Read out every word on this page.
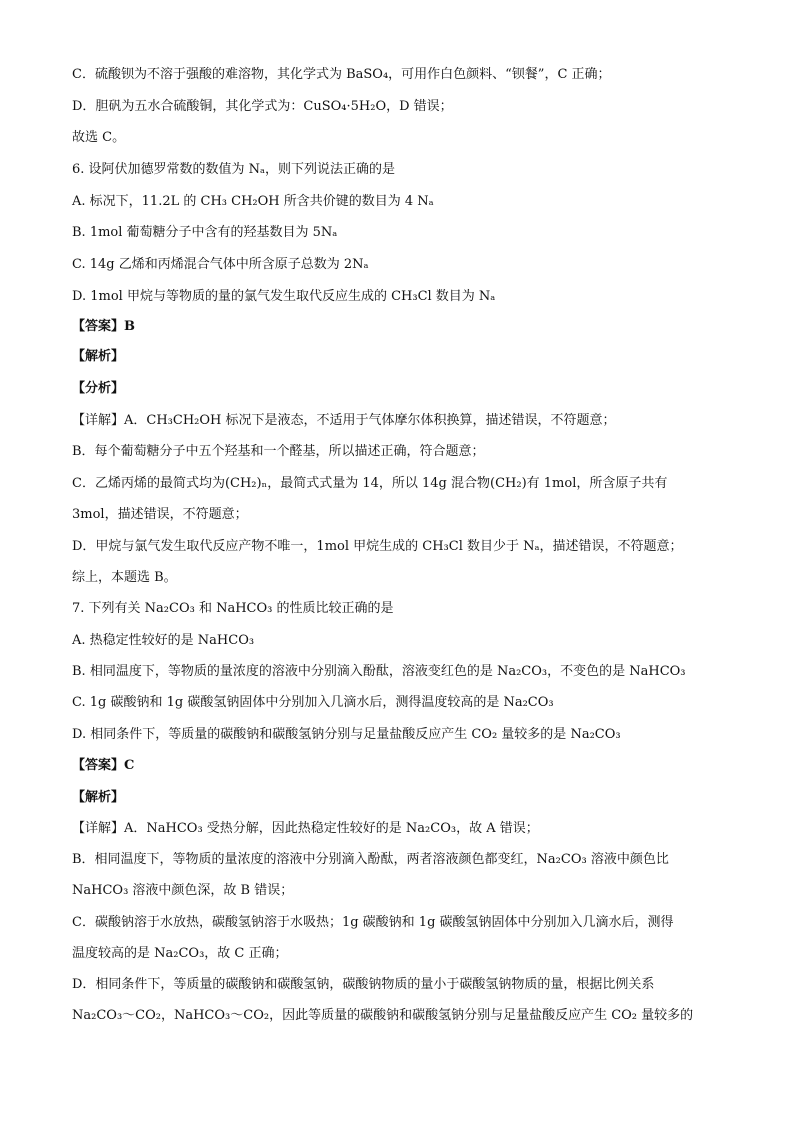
C．硫酸钡为不溶于强酸的难溶物，其化学式为 BaSO₄，可用作白色颜料、“钡餐”，C 正确；
D．胆矾为五水合硫酸铜，其化学式为：CuSO₄·5H₂O，D 错误；
故选 C。
6. 设阿伏加德罗常数的数值为 Nₐ，则下列说法正确的是
A. 标况下，11.2L 的 CH₃ CH₂OH 所含共价键的数目为 4 Nₐ
B. 1mol 葡萄糖分子中含有的羟基数目为 5Nₐ
C. 14g 乙烯和丙烯混合气体中所含原子总数为 2Nₐ
D. 1mol 甲烷与等物质的量的氯气发生取代反应生成的 CH₃Cl 数目为 Nₐ
【答案】B
【解析】
【分析】
【详解】A．CH₃CH₂OH 标况下是液态，不适用于气体摩尔体积换算，描述错误，不符题意；
B．每个葡萄糖分子中五个羟基和一个醛基，所以描述正确，符合题意；
C．乙烯丙烯的最简式均为(CH₂)ₙ，最简式式量为 14，所以 14g 混合物(CH₂)有 1mol，所含原子共有
3mol，描述错误，不符题意；
D．甲烷与氯气发生取代反应产物不唯一，1mol 甲烷生成的 CH₃Cl 数目少于 Nₐ，描述错误，不符题意；
综上，本题选 B。
7. 下列有关 Na₂CO₃ 和 NaHCO₃ 的性质比较正确的是
A. 热稳定性较好的是 NaHCO₃
B. 相同温度下，等物质的量浓度的溶液中分别滴入酚酞，溶液变红色的是 Na₂CO₃，不变色的是 NaHCO₃
C. 1g 碳酸钠和 1g 碳酸氢钠固体中分别加入几滴水后，测得温度较高的是 Na₂CO₃
D. 相同条件下，等质量的碳酸钠和碳酸氢钠分别与足量盐酸反应产生 CO₂ 量较多的是 Na₂CO₃
【答案】C
【解析】
【详解】A．NaHCO₃ 受热分解，因此热稳定性较好的是 Na₂CO₃，故 A 错误；
B．相同温度下，等物质的量浓度的溶液中分别滴入酚酞，两者溶液颜色都变红，Na₂CO₃ 溶液中颜色比
NaHCO₃ 溶液中颜色深，故 B 错误；
C．碳酸钠溶于水放热，碳酸氢钠溶于水吸热；1g 碳酸钠和 1g 碳酸氢钠固体中分别加入几滴水后，测得
温度较高的是 Na₂CO₃，故 C 正确；
D．相同条件下，等质量的碳酸钠和碳酸氢钠，碳酸钠物质的量小于碳酸氢钠物质的量，根据比例关系
Na₂CO₃～CO₂，NaHCO₃～CO₂，因此等质量的碳酸钠和碳酸氢钠分别与足量盐酸反应产生 CO₂ 量较多的
